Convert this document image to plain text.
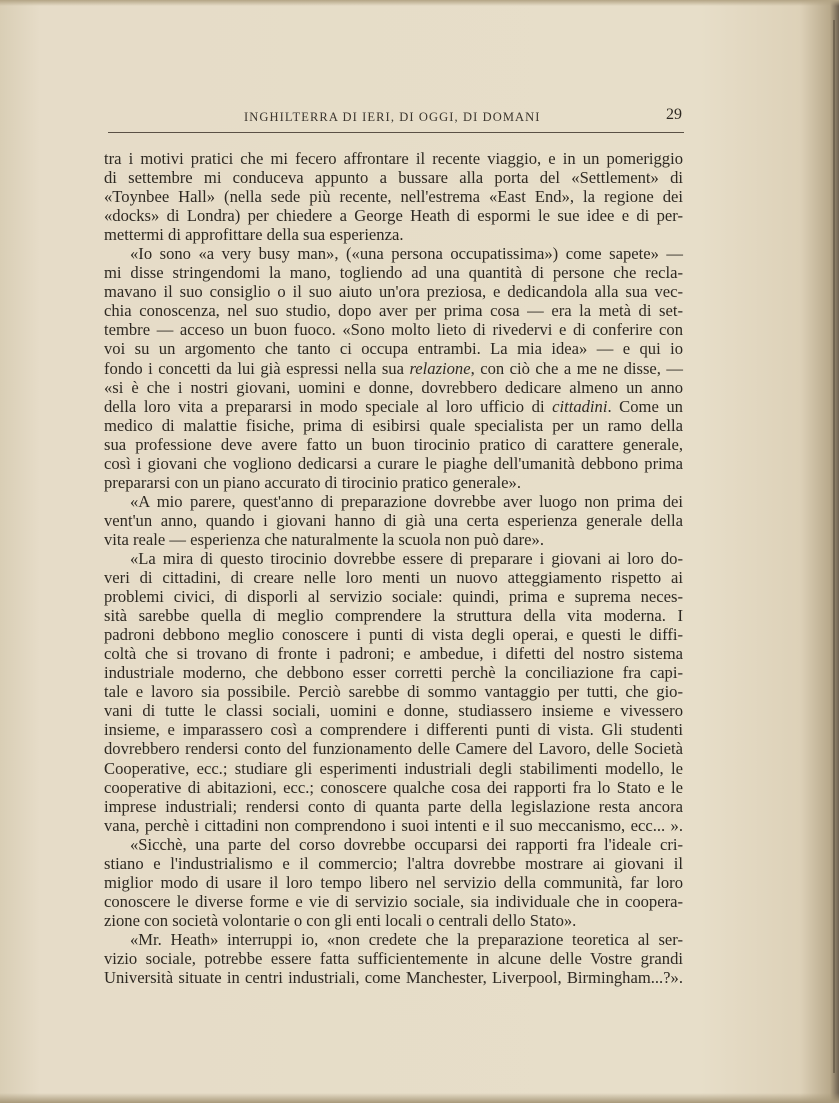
INGHILTERRA DI IERI, DI OGGI, DI DOMANI	29
tra i motivi pratici che mi fecero affrontare il recente viaggio, e in un pomeriggio
di settembre mi conduceva appunto a bussare alla porta del «Settlement» di
«Toynbee Hall» (nella sede più recente, nell'estrema «East End», la regione dei
«docks» di Londra) per chiedere a George Heath di espormi le sue idee e di per-
mettermi di approfittare della sua esperienza.
«Io sono «a very busy man», («una persona occupatissima») come sapete» —
mi disse stringendomi la mano, togliendo ad una quantità di persone che recla-
mavano il suo consiglio o il suo aiuto un'ora preziosa, e dedicandola alla sua vec-
chia conoscenza, nel suo studio, dopo aver per prima cosa — era la metà di set-
tembre — acceso un buon fuoco. «Sono molto lieto di rivedervi e di conferire con
voi su un argomento che tanto ci occupa entrambi. La mia idea» — e qui io
fondo i concetti da lui già espressi nella sua relazione, con ciò che a me ne disse, —
«si è che i nostri giovani, uomini e donne, dovrebbero dedicare almeno un anno
della loro vita a prepararsi in modo speciale al loro ufficio di cittadini. Come un
medico di malattie fisiche, prima di esibirsi quale specialista per un ramo della
sua professione deve avere fatto un buon tirocinio pratico di carattere generale,
così i giovani che vogliono dedicarsi a curare le piaghe dell'umanità debbono prima
prepararsi con un piano accurato di tirocinio pratico generale».
«A mio parere, quest'anno di preparazione dovrebbe aver luogo non prima dei
vent'un anno, quando i giovani hanno di già una certa esperienza generale della
vita reale — esperienza che naturalmente la scuola non può dare».
«La mira di questo tirocinio dovrebbe essere di preparare i giovani ai loro do-
veri di cittadini, di creare nelle loro menti un nuovo atteggiamento rispetto ai
problemi civici, di disporli al servizio sociale: quindi, prima e suprema neces-
sità sarebbe quella di meglio comprendere la struttura della vita moderna. I
padroni debbono meglio conoscere i punti di vista degli operai, e questi le diffi-
coltà che si trovano di fronte i padroni; e ambedue, i difetti del nostro sistema
industriale moderno, che debbono esser corretti perchè la conciliazione fra capi-
tale e lavoro sia possibile. Perciò sarebbe di sommo vantaggio per tutti, che gio-
vani di tutte le classi sociali, uomini e donne, studiassero insieme e vivessero
insieme, e imparassero così a comprendere i differenti punti di vista. Gli studenti
dovrebbero rendersi conto del funzionamento delle Camere del Lavoro, delle Società
Cooperative, ecc.; studiare gli esperimenti industriali degli stabilimenti modello, le
cooperative di abitazioni, ecc.; conoscere qualche cosa dei rapporti fra lo Stato e le
imprese industriali; rendersi conto di quanta parte della legislazione resta ancora
vana, perchè i cittadini non comprendono i suoi intenti e il suo meccanismo, ecc... ».
«Sicchè, una parte del corso dovrebbe occuparsi dei rapporti fra l'ideale cri-
stiano e l'industrialismo e il commercio; l'altra dovrebbe mostrare ai giovani il
miglior modo di usare il loro tempo libero nel servizio della communità, far loro
conoscere le diverse forme e vie di servizio sociale, sia individuale che in coopera-
zione con società volontarie o con gli enti locali o centrali dello Stato».
«Mr. Heath» interruppi io, «non credete che la preparazione teoretica al ser-
vizio sociale, potrebbe essere fatta sufficientemente in alcune delle Vostre grandi
Università situate in centri industriali, come Manchester, Liverpool, Birmingham...?».
